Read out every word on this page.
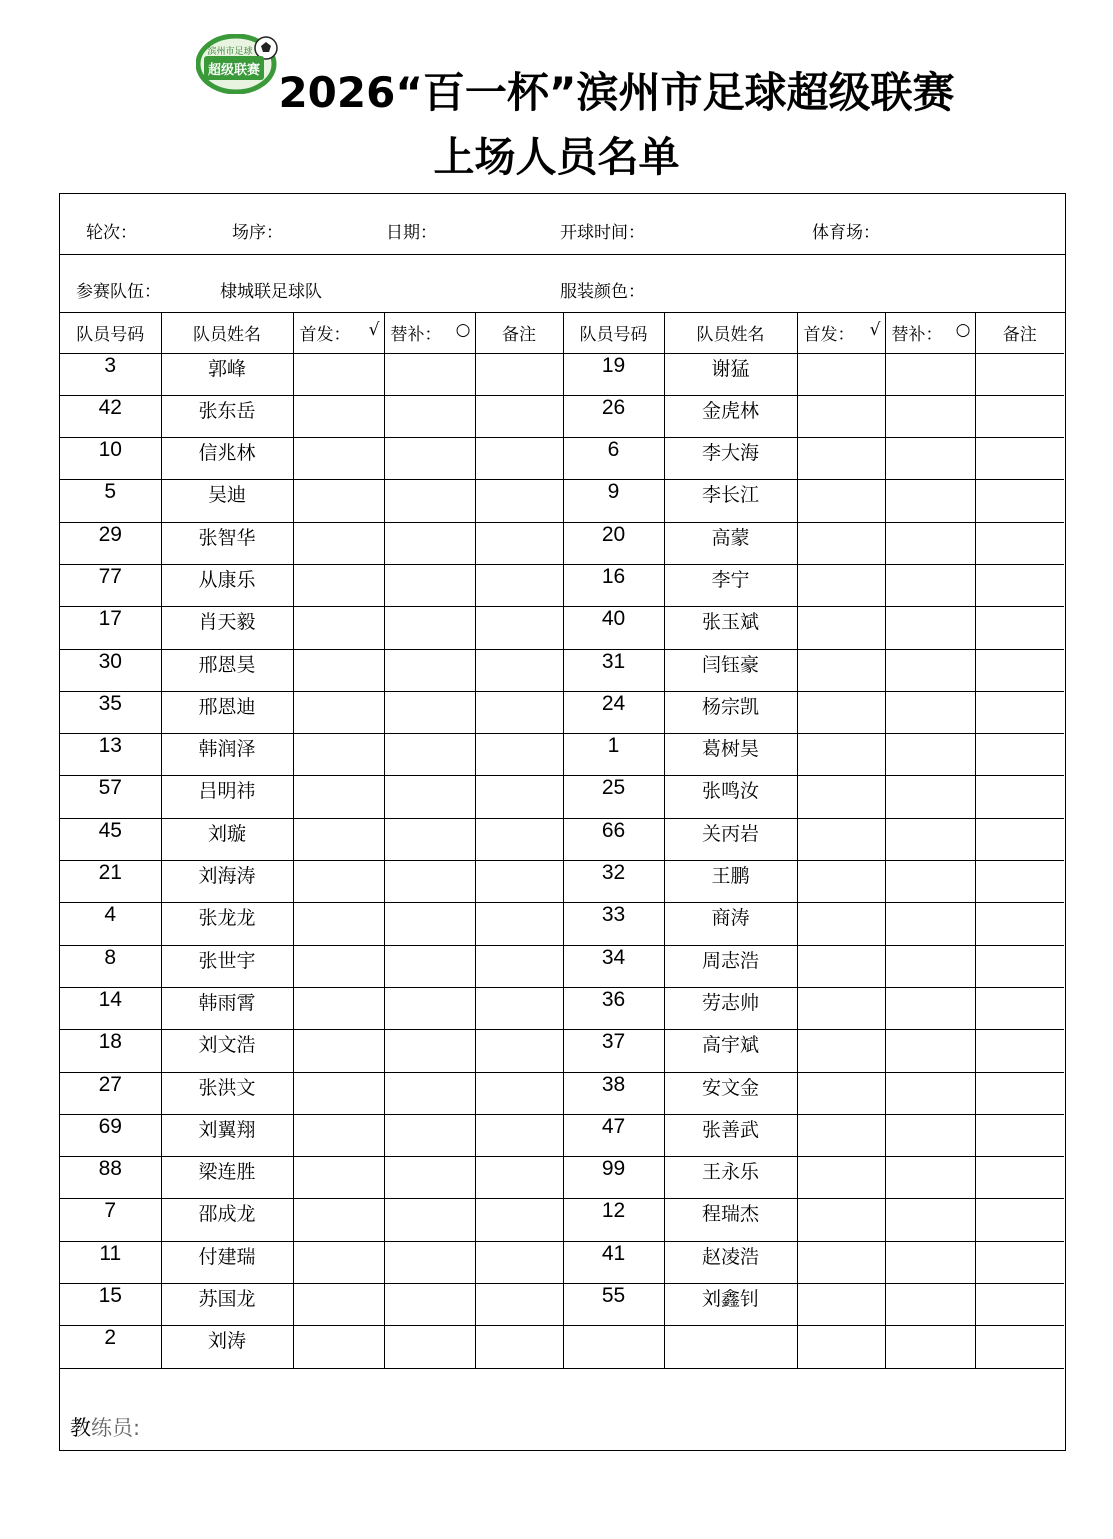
滨州市足球
超级联赛 2026“百一杯”滨州市足球超级联赛
上场人员名单
轮次：	场序：	日期：	开球时间：	体育场：
参赛队伍：	棣城联足球队	服装颜色：
队员号码	队员姓名	首发： √	替补： ○	备注	队员号码	队员姓名	首发： √	替补： ○	备注
3	郭峰				19	谢猛			
42	张东岳				26	金虎林			
10	信兆林				6	李大海			
5	吴迪				9	李长江			
29	张智华				20	高蒙			
77	从康乐				16	李宁			
17	肖天毅				40	张玉斌			
30	邢恩昊				31	闫钰豪			
35	邢恩迪				24	杨宗凯			
13	韩润泽				1	葛树昊			
57	吕明祎				25	张鸣汝			
45	刘璇				66	关丙岩			
21	刘海涛				32	王鹏			
4	张龙龙				33	商涛			
8	张世宇				34	周志浩			
14	韩雨霄				36	劳志帅			
18	刘文浩				37	高宇斌			
27	张洪文				38	安文金			
69	刘翼翔				47	张善武			
88	梁连胜				99	王永乐			
7	邵成龙				12	程瑞杰			
11	付建瑞				41	赵凌浩			
15	苏国龙				55	刘鑫钊			
2	刘涛								
教练员:
